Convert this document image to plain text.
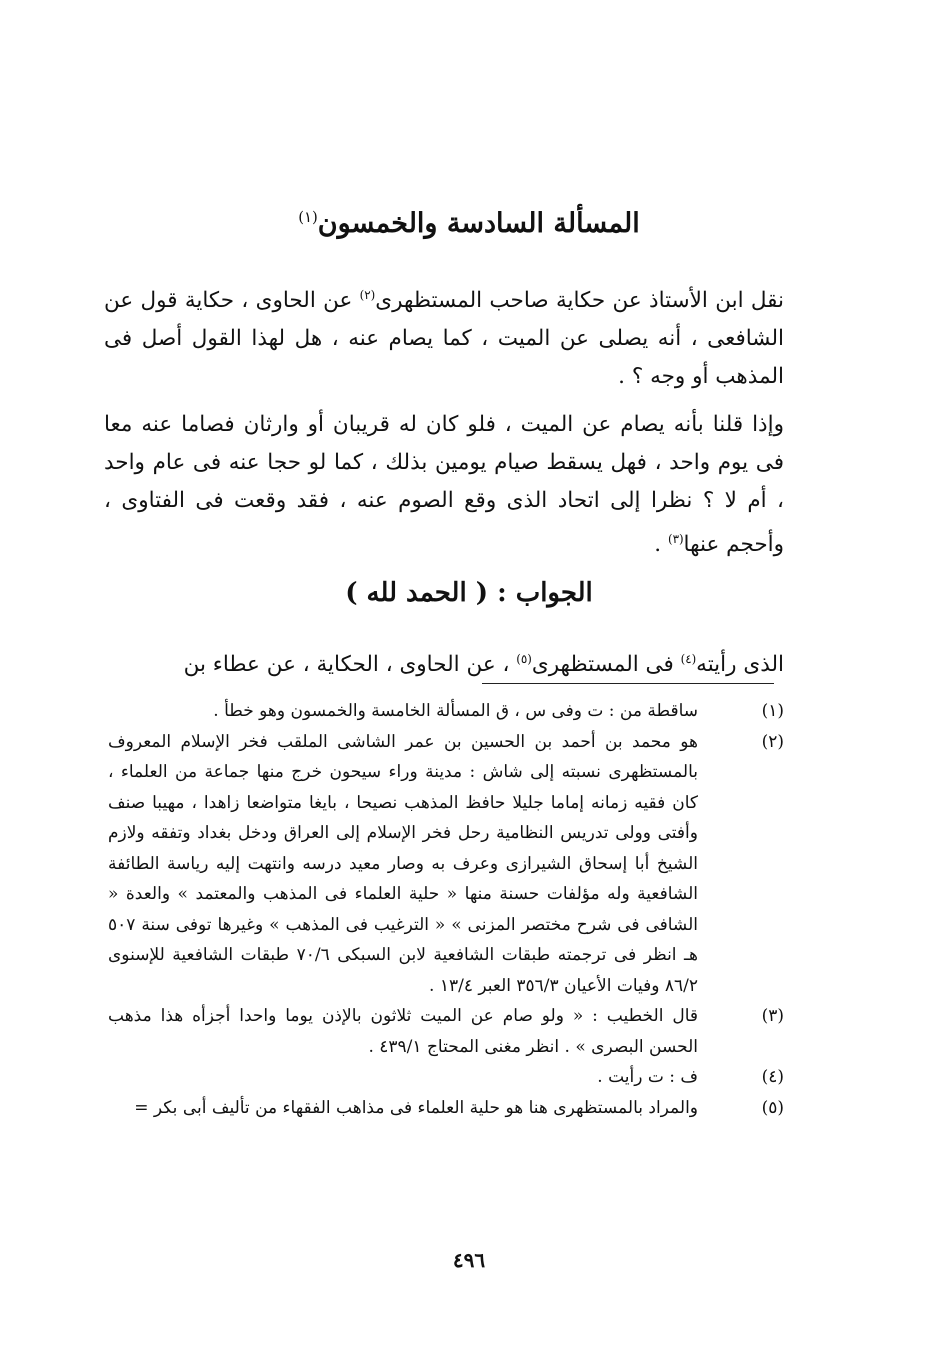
المسألة السادسة والخمسون$^{(١)}$

نقل ابن الأستاذ عن حكاية صاحب المستظهرى$^{(٢)}$ عن الحاوى ، حكاية قول عن الشافعى ، أنه يصلى عن الميت ، كما يصام عنه ، هل لهذا القول أصل فى المذهب أو وجه ؟ .

وإذا قلنا بأنه يصام عن الميت ، فلو كان له قريبان أو وارثان فصاما عنه معا فى يوم واحد ، فهل يسقط صيام يومين بذلك ، كما لو حجا عنه فى عام واحد ، أم لا ؟ نظرا إلى اتحاد الذى وقع الصوم عنه ، فقد وقعت فى الفتاوى ، وأحجم عنها$^{(٣)}$ .

الجواب : ( الحمد لله )

الذى رأيته$^{(٤)}$ فى المستظهرى$^{(٥)}$ ، عن الحاوى ، الحكاية ، عن عطاء بن

(١)
ساقطة من : ت وفى س ، ق المسألة الخامسة والخمسون وهو خطأ .
(٢)
هو محمد بن أحمد بن الحسين بن عمر الشاشى الملقب فخر الإسلام المعروف بالمستظهرى نسبته إلى شاش : مدينة وراء سيحون خرج منها جماعة من العلماء ، كان فقيه زمانه إماما جليلا حافظ المذهب نصيحا ، بايغا متواضعا زاهدا ، مهيبا صنف وأفتى وولى تدريس النظامية رحل فخر الإسلام إلى العراق ودخل بغداد وتفقه ولازم الشيخ أبا إسحاق الشيرازى وعرف به وصار معيد درسه وانتهت إليه رياسة الطائفة الشافعية وله مؤلفات حسنة منها « حلية العلماء فى المذهب والمعتمد » والعدة « الشافى فى شرح مختصر المزنى » « الترغيب فى المذهب » وغيرها توفى سنة ٥٠٧ هـ انظر فى ترجمته طبقات الشافعية لابن السبكى ٧٠/٦ طبقات الشافعية للإسنوى ٨٦/٢ وفيات الأعيان ٣٥٦/٣ العبر ١٣/٤ .
(٣)
قال الخطيب : « ولو صام عن الميت ثلاثون بالإذن يوما واحدا أجزأه هذا مذهب الحسن البصرى » . انظر مغنى المحتاج ٤٣٩/١ .
(٤)
ف : ت رأيت .
(٥)
والمراد بالمستظهرى هنا هو حلية العلماء فى مذاهب الفقهاء من تأليف أبى بكر =
٤٩٦
